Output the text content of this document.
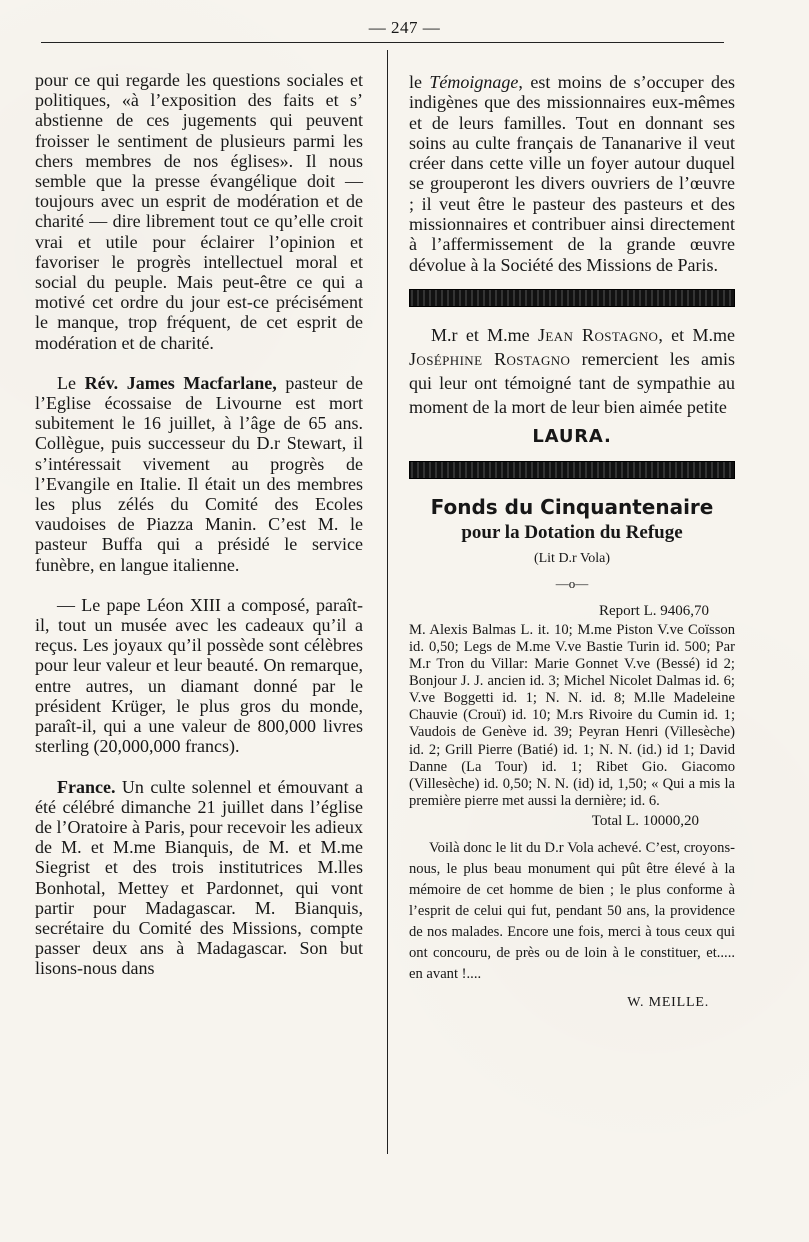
— 247 —

pour ce qui regarde les questions sociales et politiques, «à l’exposition des faits et s’ abstienne de ces jugements qui peuvent froisser le sentiment de plusieurs parmi les chers membres de nos églises». Il nous semble que la presse évangélique doit — toujours avec un esprit de modération et de charité — dire librement tout ce qu’elle croit vrai et utile pour éclairer l’opinion et favoriser le progrès intellectuel moral et social du peuple. Mais peut-être ce qui a motivé cet ordre du jour est-ce précisément le manque, trop fréquent, de cet esprit de modération et de charité.

Le Rév. James Macfarlane, pasteur de l’Eglise écossaise de Livourne est mort subitement le 16 juillet, à l’âge de 65 ans. Collègue, puis successeur du D.r Stewart, il s’intéressait vivement au progrès de l’Evangile en Italie. Il était un des membres les plus zélés du Comité des Ecoles vaudoises de Piazza Manin. C’est M. le pasteur Buffa qui a présidé le service funèbre, en langue italienne.

— Le pape Léon XIII a composé, paraît-il, tout un musée avec les cadeaux qu’il a reçus. Les joyaux qu’il possède sont célèbres pour leur valeur et leur beauté. On remarque, entre autres, un diamant donné par le président Krüger, le plus gros du monde, paraît-il, qui a une valeur de 800,000 livres sterling (20,000,000 francs).

France. Un culte solennel et émouvant a été célébré dimanche 21 juillet dans l’église de l’Oratoire à Paris, pour recevoir les adieux de M. et M.me Bianquis, de M. et M.me Siegrist et des trois institutrices M.lles Bonhotal, Mettey et Pardonnet, qui vont partir pour Madagascar. M. Bianquis, secrétaire du Comité des Missions, compte passer deux ans à Madagascar. Son but lisons-nous dans

le Témoignage, est moins de s’occuper des indigènes que des missionnaires eux-mêmes et de leurs familles. Tout en donnant ses soins au culte français de Tananarive il veut créer dans cette ville un foyer autour duquel se grouperont les divers ouvriers de l’œuvre ; il veut être le pasteur des pasteurs et des missionnaires et contribuer ainsi directement à l’affermissement de la grande œuvre dévolue à la Société des Missions de Paris.

M.r et M.me Jean Rostagno, et M.me Joséphine Rostagno remercient les amis qui leur ont témoigné tant de sympathie au moment de la mort de leur bien aimée petite

LAURA.
Fonds du Cinquantenaire
pour la Dotation du Refuge
(Lit D.r Vola)
—o—
Report L. 9406,70

M. Alexis Balmas L. it. 10; M.me Piston V.ve Coïsson id. 0,50; Legs de M.me V.ve Bastie Turin id. 500; Par M.r Tron du Villar: Marie Gonnet V.ve (Bessé) id 2; Bonjour J. J. ancien id. 3; Michel Nicolet Dalmas id. 6; V.ve Boggetti id. 1; N. N. id. 8; M.lle Madeleine Chauvie (Crouï) id. 10; M.rs Rivoire du Cumin id. 1; Vaudois de Genève id. 39; Peyran Henri (Villesèche) id. 2; Grill Pierre (Batié) id. 1; N. N. (id.) id 1; David Danne (La Tour) id. 1; Ribet Gio. Giacomo (Villesèche) id. 0,50; N. N. (id) id, 1,50; « Qui a mis la première pierre met aussi la dernière; id. 6.

Total L. 10000,20

Voilà donc le lit du D.r Vola achevé. C’est, croyons-nous, le plus beau monument qui pût être élevé à la mémoire de cet homme de bien ; le plus conforme à l’esprit de celui qui fut, pendant 50 ans, la providence de nos malades. Encore une fois, merci à tous ceux qui ont concouru, de près ou de loin à le constituer, et..... en avant !....

W. MEILLE.
